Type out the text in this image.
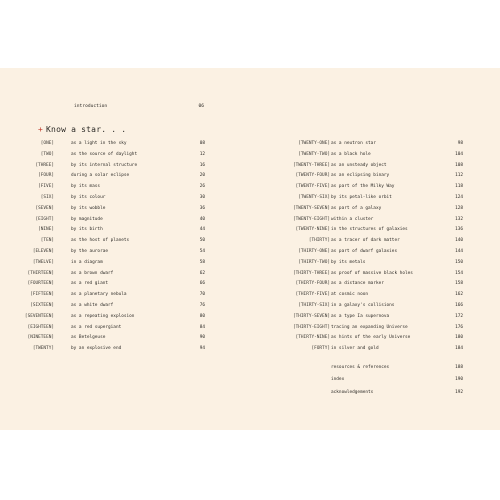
introduction	06
+ Know a star. . .
[ONE]	as a light in the sky	08
[TWO]	as the source of daylight	12
[THREE]	by its internal structure	16
[FOUR]	during a solar eclipse	20
[FIVE]	by its mass	26
[SIX]	by its colour	30
[SEVEN]	by its wobble	36
[EIGHT]	by magnitude	40
[NINE]	by its birth	44
[TEN]	as the host of planets	50
[ELEVEN]	by the aurorae	54
[TWELVE]	in a diagram	58
[THIRTEEN]	as a brown dwarf	62
[FOURTEEN]	as a red giant	66
[FIFTEEN]	as a planetary nebula	70
[SIXTEEN]	as a white dwarf	76
[SEVENTEEN]	as a repeating explosion	80
[EIGHTEEN]	as a red supergiant	84
[NINETEEN]	as Betelgeuse	90
[TWENTY]	by an explosive end	94
[TWENTY-ONE] as a neutron star	98
[TWENTY-TWO] as a black hole	104
[TWENTY-THREE] as an unsteady object	108
[TWENTY-FOUR] as an eclipsing binary	112
[TWENTY-FIVE] as part of the Milky Way	118
[TWENTY-SIX] by its petal-like orbit	124
[TWENTY-SEVEN] as part of a galaxy	128
[TWENTY-EIGHT] within a cluster	132
[TWENTY-NINE] in the structures of galaxies	136
[THIRTY] as a tracer of dark matter	140
[THIRTY-ONE] as part of dwarf galaxies	144
[THIRTY-TWO] by its metals	150
[THIRTY-THREE] as proof of massive black holes	154
[THIRTY-FOUR] as a distance marker	158
[THIRTY-FIVE] at cosmic noon	162
[THIRTY-SIX] in a galaxy's collisions	166
[THIRTY-SEVEN] as a type Ia supernova	172
[THIRTY-EIGHT] tracing an expanding Universe	176
[THIRTY-NINE] as hints of the early Universe	180
[FORTY] in silver and gold	184
resources & references	188
index	190
acknowledgements	192
